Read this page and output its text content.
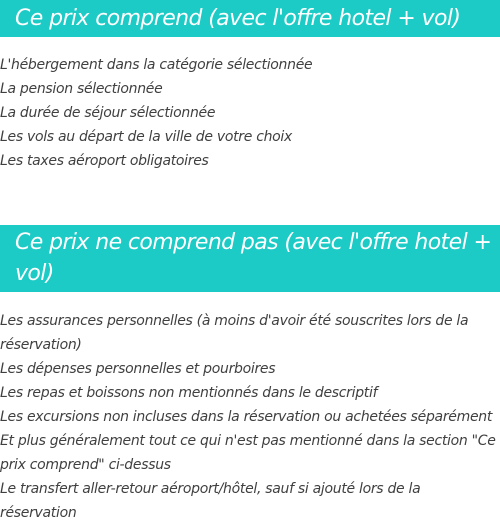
Ce prix comprend (avec l'offre hotel + vol)
L'hébergement dans la catégorie sélectionnée
La pension sélectionnée
La durée de séjour sélectionnée
Les vols au départ de la ville de votre choix
Les taxes aéroport obligatoires
Ce prix ne comprend pas (avec l'offre hotel + vol)
Les assurances personnelles (à moins d'avoir été souscrites lors de la réservation)
Les dépenses personnelles et pourboires
Les repas et boissons non mentionnés dans le descriptif
Les excursions non incluses dans la réservation ou achetées séparément
Et plus généralement tout ce qui n'est pas mentionné dans la section "Ce prix comprend" ci-dessus
Le transfert aller-retour aéroport/hôtel, sauf si ajouté lors de la réservation
